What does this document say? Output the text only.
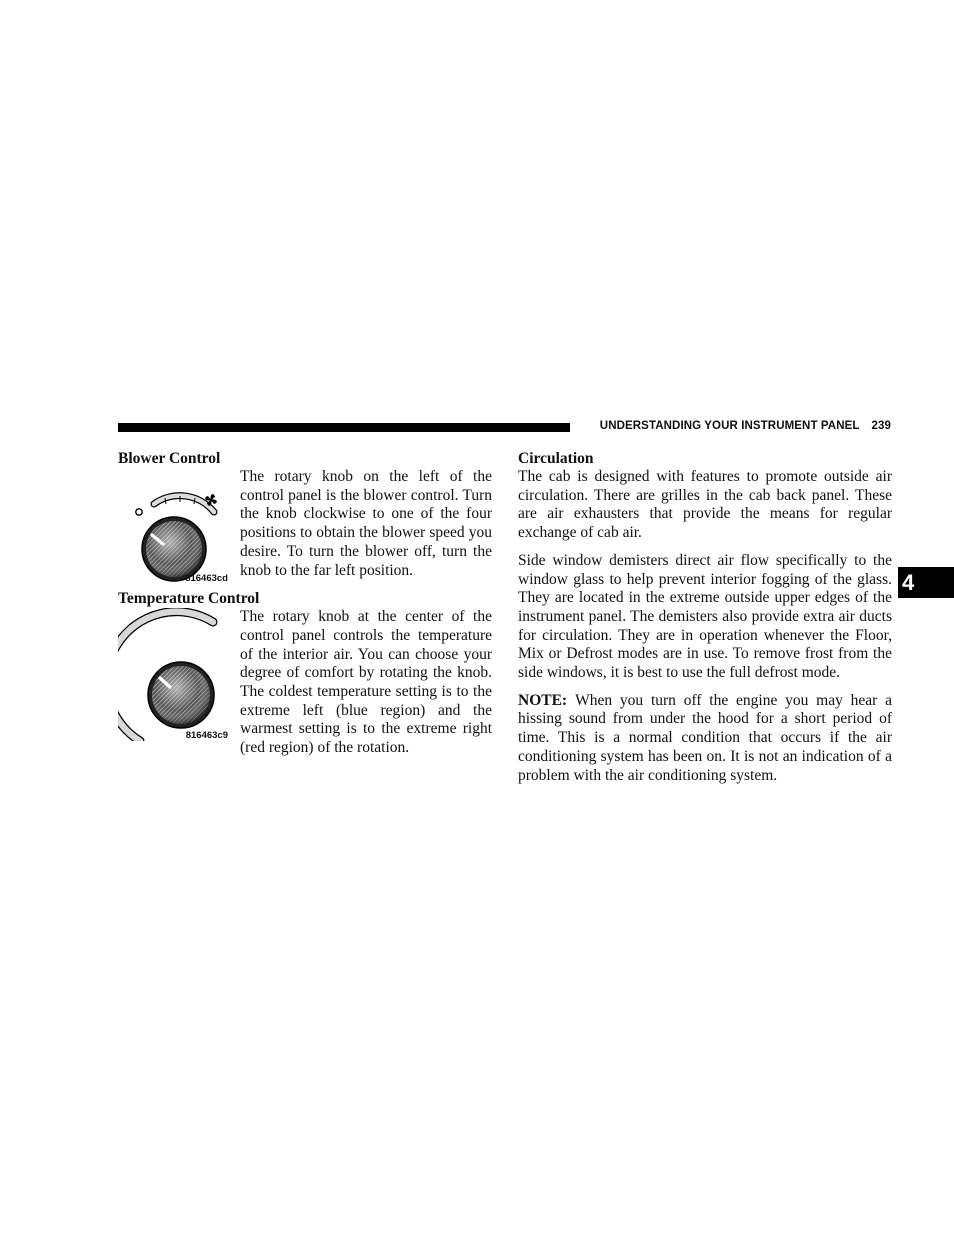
UNDERSTANDING YOUR INSTRUMENT PANEL 239
4
Blower Control
816463cd

The rotary knob on the left of the control panel is the blower control. Turn the knob clockwise to one of the four positions to obtain the blower speed you desire. To turn the blower off, turn the knob to the far left position.

Temperature Control
816463c9

The rotary knob at the center of the control panel controls the temperature of the interior air. You can choose your degree of comfort by rotating the knob. The coldest temperature setting is to the extreme left (blue region) and the warmest setting is to the extreme right (red region) of the rotation.

Circulation

The cab is designed with features to promote outside air circulation. There are grilles in the cab back panel. These are air exhausters that provide the means for regular exchange of cab air.

Side window demisters direct air flow specifically to the window glass to help prevent interior fogging of the glass. They are located in the extreme outside upper edges of the instrument panel. The demisters also provide extra air ducts for circulation. They are in operation whenever the Floor, Mix or Defrost modes are in use. To remove frost from the side windows, it is best to use the full defrost mode.

NOTE: When you turn off the engine you may hear a hissing sound from under the hood for a short period of time. This is a normal condition that occurs if the air conditioning system has been on. It is not an indication of a problem with the air conditioning system.
